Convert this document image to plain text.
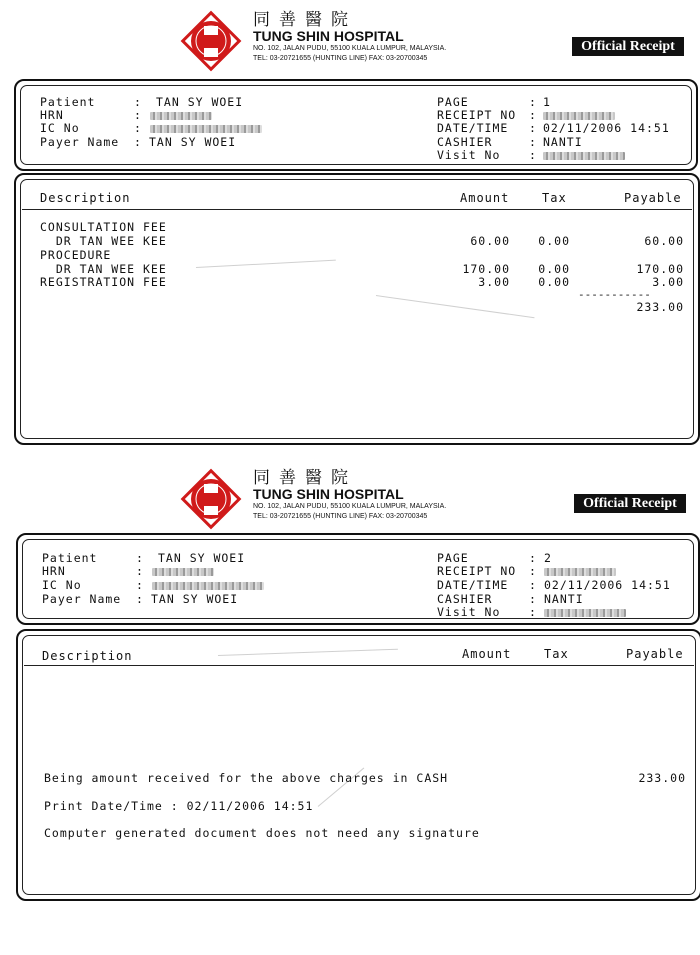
同善醫院
TUNG SHIN HOSPITAL
NO. 102, JALAN PUDU, 55100 KUALA LUMPUR, MALAYSIA.
TEL: 03-20721655 (HUNTING LINE) FAX: 03-20700345
Official Receipt
Patient	: TAN SY WOEI
HRN	:
IC No	:
Payer Name : TAN SY WOEI
PAGE	: 1
RECEIPT NO :
DATE/TIME : 02/11/2006 14:51
CASHIER	: NANTI
Visit No :
Description	Amount	Tax	Payable
CONSULTATION FEE
DR TAN WEE KEE	60.00	0.00	60.00
PROCEDURE
DR TAN WEE KEE	170.00	0.00	170.00
REGISTRATION FEE	3.00	0.00	3.00
-----------
233.00
同善醫院
TUNG SHIN HOSPITAL
NO. 102, JALAN PUDU, 55100 KUALA LUMPUR, MALAYSIA.
TEL: 03-20721655 (HUNTING LINE) FAX: 03-20700345
Official Receipt
Patient	: TAN SY WOEI
HRN	:
IC No	:
Payer Name : TAN SY WOEI
PAGE	: 2
RECEIPT NO :
DATE/TIME : 02/11/2006 14:51
CASHIER	: NANTI
Visit No :
Description	Amount	Tax	Payable
Being amount received for the above charges in CASH	233.00
Print Date/Time : 02/11/2006 14:51
Computer generated document does not need any signature
